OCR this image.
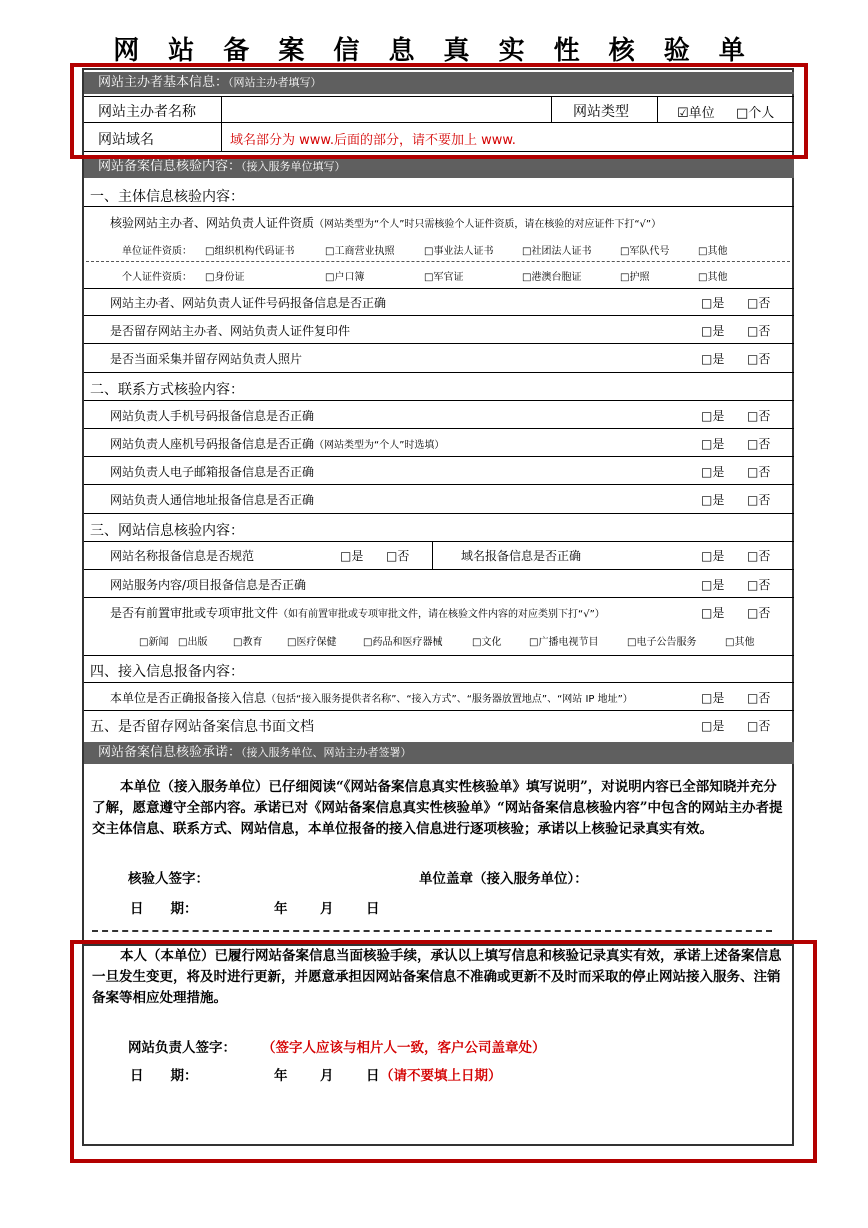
网 站 备 案 信 息 真 实 性 核 验 单
网站主办者基本信息：（网站主办者填写）
网站主办者名称	网站类型	☑单位 □个人
网站域名	域名部分为 www.后面的部分，请不要加上 www.
网站备案信息核验内容：（接入服务单位填写）
一、主体信息核验内容：
核验网站主办者、网站负责人证件资质（网站类型为“个人”时只需核验个人证件资质，请在核验的对应证件下打“√”）
单位证件资质： □组织机构代码证书	□工商营业执照	□事业法人证书	□社团法人证书	□军队代号	□其他
个人证件资质： □身份证	□户口簿	□军官证	□港澳台胞证	□护照	□其他
网站主办者、网站负责人证件号码报备信息是否正确	□是 □否
是否留存网站主办者、网站负责人证件复印件	□是 □否
是否当面采集并留存网站负责人照片	□是 □否
二、联系方式核验内容：
网站负责人手机号码报备信息是否正确	□是 □否
网站负责人座机号码报备信息是否正确（网站类型为“个人”时选填）	□是 □否
网站负责人电子邮箱报备信息是否正确	□是 □否
网站负责人通信地址报备信息是否正确	□是 □否
三、网站信息核验内容：
网站名称报备信息是否规范	□是 □否	域名报备信息是否正确	□是 □否
网站服务内容/项目报备信息是否正确	□是 □否
是否有前置审批或专项审批文件（如有前置审批或专项审批文件，请在核验文件内容的对应类别下打“√”）	□是 □否
□新闻 □出版	□教育 □医疗保健	□药品和医疗器械	□文化	□广播电视节目	□电子公告服务	□其他
四、接入信息报备内容：
本单位是否正确报备接入信息（包括“接入服务提供者名称”、“接入方式”、“服务器放置地点”、“网站 IP 地址”）	□是 □否
五、是否留存网站备案信息书面文档	□是 □否
网站备案信息核验承诺：（接入服务单位、网站主办者签署）
本单位（接入服务单位）已仔细阅读“《网站备案信息真实性核验单》填写说明”，对说明内容已全部知晓并充分了解，愿意遵守全部内容。承诺已对《网站备案信息真实性核验单》“网站备案信息核验内容”中包含的网站主办者提交主体信息、联系方式、网站信息，本单位报备的接入信息进行逐项核验；承诺以上核验记录真实有效。
核验人签字：	单位盖章（接入服务单位）：
日　　期：	年 月 日
本人（本单位）已履行网站备案信息当面核验手续，承认以上填写信息和核验记录真实有效，承诺上述备案信息一旦发生变更，将及时进行更新，并愿意承担因网站备案信息不准确或更新不及时而采取的停止网站接入服务、注销备案等相应处理措施。
网站负责人签字： （签字人应该与相片人一致，客户公司盖章处）
日　　期：	年 月 日 （请不要填上日期）
